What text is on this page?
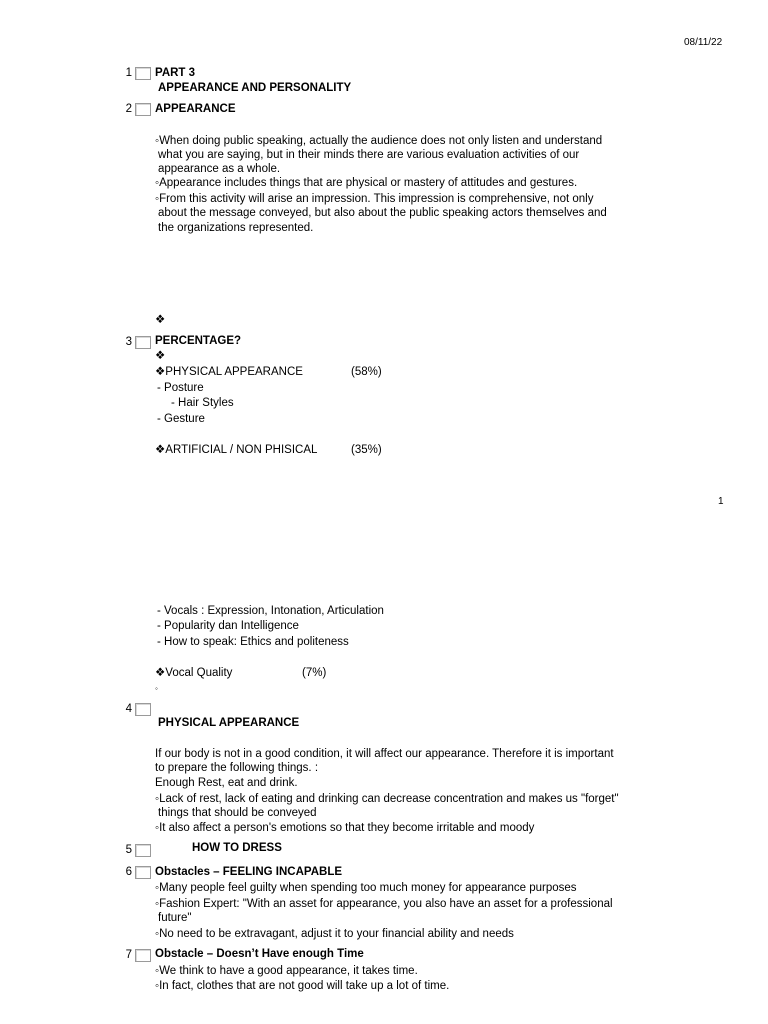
08/11/22
1 PART 3
APPEARANCE AND PERSONALITY
2 APPEARANCE
◦When doing public speaking, actually the audience does not only listen and understand
what you are saying, but in their minds there are various evaluation activities of our
appearance as a whole.
◦Appearance includes things that are physical or mastery of attitudes and gestures.
◦From this activity will arise an impression. This impression is comprehensive, not only
about the message conveyed, but also about the public speaking actors themselves and
the organizations represented.
❖
3 PERCENTAGE?
❖
❖PHYSICAL APPEARANCE	(58%)
- Posture
- Hair Styles
- Gesture
❖ARTIFICIAL / NON PHISICAL	(35%)
1
- Vocals : Expression, Intonation, Articulation
- Popularity dan Intelligence
- How to speak: Ethics and politeness
❖Vocal Quality	(7%)
◦
4
PHYSICAL APPEARANCE
If our body is not in a good condition, it will affect our appearance. Therefore it is important
to prepare the following things. :
Enough Rest, eat and drink.
◦Lack of rest, lack of eating and drinking can decrease concentration and makes us "forget"
things that should be conveyed
◦It also affect a person's emotions so that they become irritable and moody
5	HOW TO DRESS
6 Obstacles – FEELING INCAPABLE
◦Many people feel guilty when spending too much money for appearance purposes
◦Fashion Expert: "With an asset for appearance, you also have an asset for a professional
future"
◦No need to be extravagant, adjust it to your financial ability and needs
7 Obstacle – Doesn’t Have enough Time
◦We think to have a good appearance, it takes time.
◦In fact, clothes that are not good will take up a lot of time.
